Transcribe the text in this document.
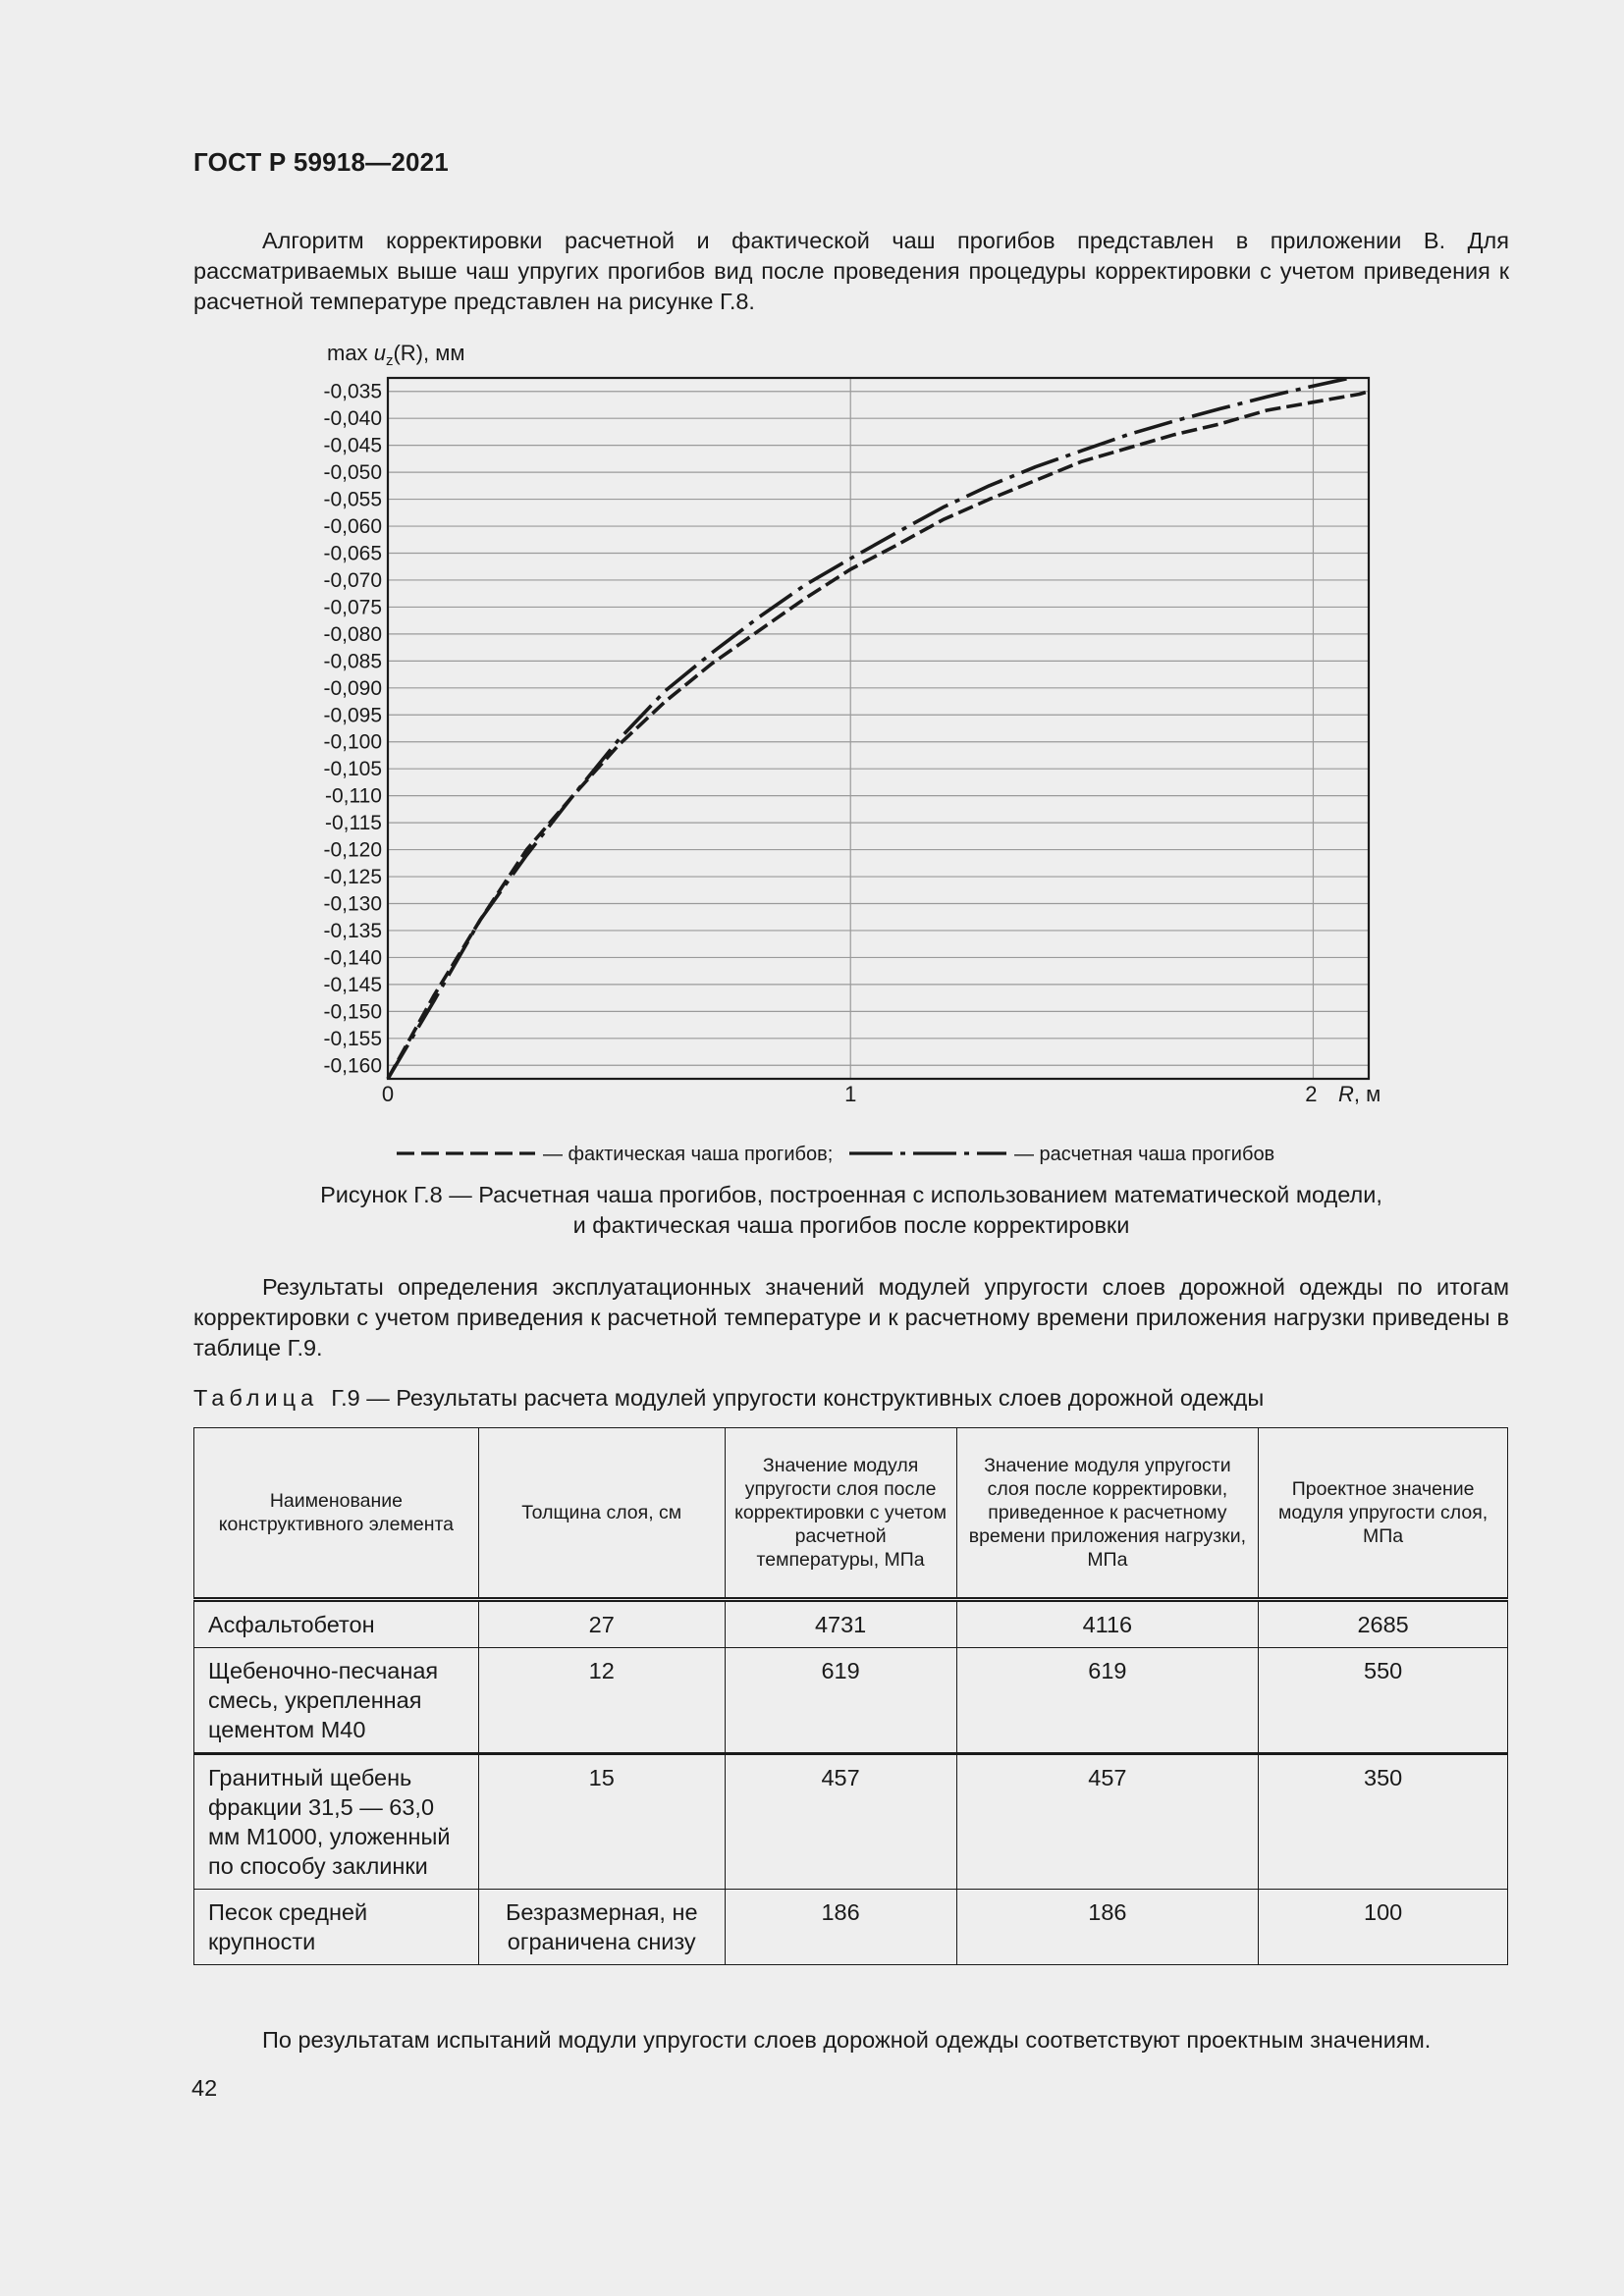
ГОСТ Р 59918—2021
Алгоритм корректировки расчетной и фактической чаш прогибов представлен в приложении В. Для рассматриваемых выше чаш упругих прогибов вид после проведения процедуры корректировки с учетом приведения к расчетной температуре представлен на рисунке Г.8.
-0,035
-0,040
-0,045
-0,050
-0,055
-0,060
-0,065
-0,070
-0,075
-0,080
-0,085
-0,090
-0,095
-0,100
-0,105
-0,110
-0,115
-0,120
-0,125
-0,130
-0,135
-0,140
-0,145
-0,150
-0,155
-0,160
0	1	2
$\max u_z(R)$, мм
R, м
— фактическая чаша прогибов;	— расчетная чаша прогибов
Рисунок Г.8 — Расчетная чаша прогибов, построенная с использованием математической модели,
и фактическая чаша прогибов после корректировки
Результаты определения эксплуатационных значений модулей упругости слоев дорожной одежды по итогам корректировки с учетом приведения к расчетной температуре и к расчетному времени приложения нагрузки приведены в таблице Г.9.
Таблица Г.9 — Результаты расчета модулей упругости конструктивных слоев дорожной одежды
Наименование конструктивного элемента	Толщина слоя, см	Значение модуля упругости слоя после корректировки с учетом расчетной температуры, МПа	Значение модуля упругости слоя после корректировки, приведенное к расчетному времени приложения нагрузки, МПа	Проектное значение модуля упругости слоя, МПа
Асфальтобетон	27	4731	4116	2685
Щебеночно-песчаная смесь, укрепленная цементом М40	12	619	619	550
Гранитный щебень фракции 31,5 — 63,0 мм М1000, уложенный по способу заклинки	15	457	457	350
Песок средней крупности	Безразмерная, не ограничена снизу	186	186	100
По результатам испытаний модули упругости слоев дорожной одежды соответствуют проектным значениям.
42
